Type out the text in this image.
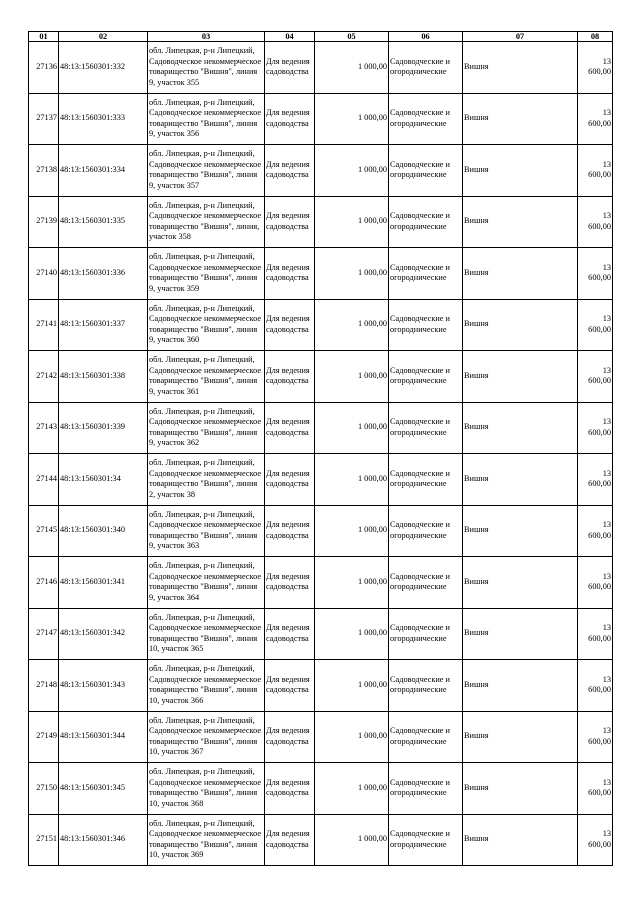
01	02	03	04	05	06	07	08

27136	48:13:1560301:332	обл. Липецкая, р-н Липецкий, Садоводческое некоммерческое товарищество "Вишня", линия 9, участок 355	Для ведения садоводства	1 000,00	Садоводческие и огороднические	Вишня	13 600,00

27137	48:13:1560301:333	обл. Липецкая, р-н Липецкий, Садоводческое некоммерческое товарищество "Вишня", линия 9, участок 356	Для ведения садоводства	1 000,00	Садоводческие и огороднические	Вишня	13 600,00

27138	48:13:1560301:334	обл. Липецкая, р-н Липецкий, Садоводческое некоммерческое товарищество "Вишня", линия 9, участок 357	Для ведения садоводства	1 000,00	Садоводческие и огороднические	Вишня	13 600,00

27139	48:13:1560301:335	обл. Липецкая, р-н Липецкий, Садоводческое некоммерческое товарищество "Вишня", линия, участок 358	Для ведения садоводства	1 000,00	Садоводческие и огороднические	Вишня	13 600,00

27140	48:13:1560301:336	обл. Липецкая, р-н Липецкий, Садоводческое некоммерческое товарищество "Вишня", линия 9, участок 359	Для ведения садоводства	1 000,00	Садоводческие и огороднические	Вишня	13 600,00

27141	48:13:1560301:337	обл. Липецкая, р-н Липецкий, Садоводческое некоммерческое товарищество "Вишня", линия 9, участок 360	Для ведения садоводства	1 000,00	Садоводческие и огороднические	Вишня	13 600,00

27142	48:13:1560301:338	обл. Липецкая, р-н Липецкий, Садоводческое некоммерческое товарищество "Вишня", линия 9, участок 361	Для ведения садоводства	1 000,00	Садоводческие и огороднические	Вишня	13 600,00

27143	48:13:1560301:339	обл. Липецкая, р-н Липецкий, Садоводческое некоммерческое товарищество "Вишня", линия 9, участок 362	Для ведения садоводства	1 000,00	Садоводческие и огороднические	Вишня	13 600,00

27144	48:13:1560301:34	обл. Липецкая, р-н Липецкий, Садоводческое некоммерческое товарищество "Вишня", линия 2, участок 38	Для ведения садоводства	1 000,00	Садоводческие и огороднические	Вишня	13 600,00

27145	48:13:1560301:340	обл. Липецкая, р-н Липецкий, Садоводческое некоммерческое товарищество "Вишня", линия 9, участок 363	Для ведения садоводства	1 000,00	Садоводческие и огороднические	Вишня	13 600,00

27146	48:13:1560301:341	обл. Липецкая, р-н Липецкий, Садоводческое некоммерческое товарищество "Вишня", линия 9, участок 364	Для ведения садоводства	1 000,00	Садоводческие и огороднические	Вишня	13 600,00

27147	48:13:1560301:342	обл. Липецкая, р-н Липецкий, Садоводческое некоммерческое товарищество "Вишня", линия 10, участок 365	Для ведения садоводства	1 000,00	Садоводческие и огороднические	Вишня	13 600,00

27148	48:13:1560301:343	обл. Липецкая, р-н Липецкий, Садоводческое некоммерческое товарищество "Вишня", линия 10, участок 366	Для ведения садоводства	1 000,00	Садоводческие и огороднические	Вишня	13 600,00

27149	48:13:1560301:344	обл. Липецкая, р-н Липецкий, Садоводческое некоммерческое товарищество "Вишня", линия 10, участок 367	Для ведения садоводства	1 000,00	Садоводческие и огороднические	Вишня	13 600,00

27150	48:13:1560301:345	обл. Липецкая, р-н Липецкий, Садоводческое некоммерческое товарищество "Вишня", линия 10, участок 368	Для ведения садоводства	1 000,00	Садоводческие и огороднические	Вишня	13 600,00

27151	48:13:1560301:346	обл. Липецкая, р-н Липецкий, Садоводческое некоммерческое товарищество "Вишня", линия 10, участок 369	Для ведения садоводства	1 000,00	Садоводческие и огороднические	Вишня	13 600,00
